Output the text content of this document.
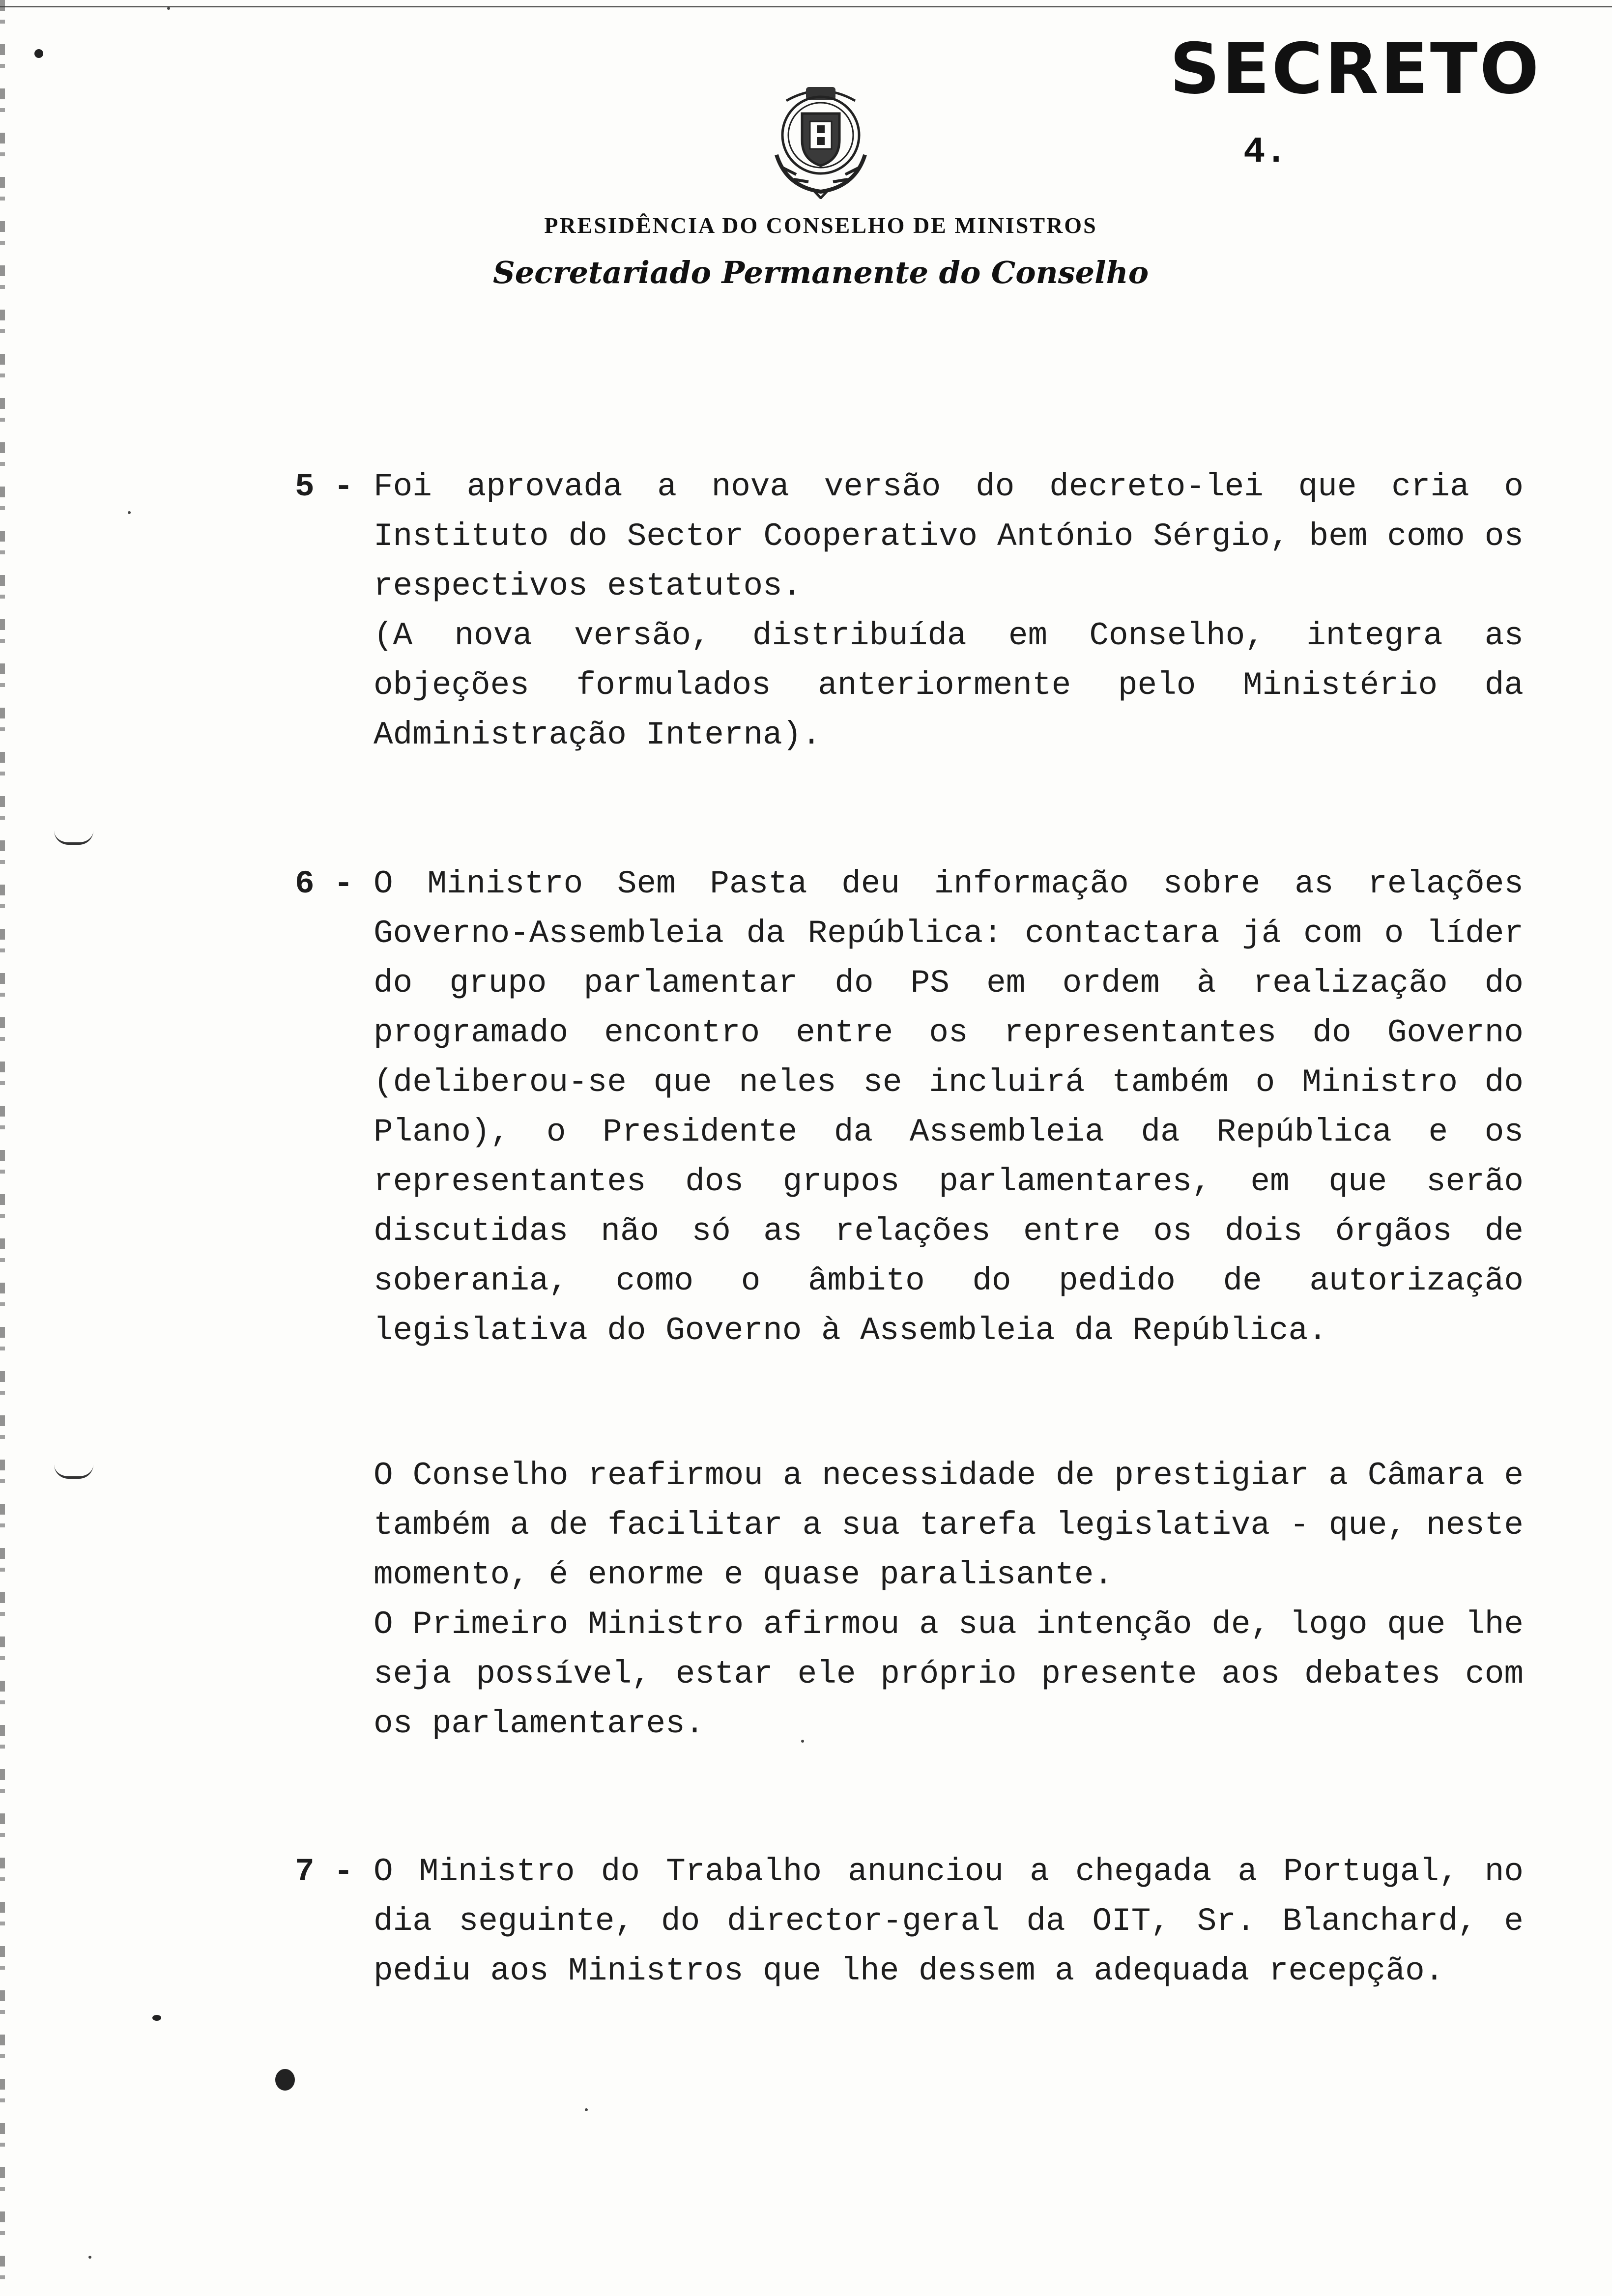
SECRETO
4.
PRESIDÊNCIA DO CONSELHO DE MINISTROS
Secretariado Permanente do Conselho
5 - Foi aprovada a nova versão do decreto-lei que cria o Instituto do Sector Cooperativo António Sérgio, bem como os respectivos estatutos.

(A nova versão, distribuída em Conselho, integra as objeções formulados anteriormente pelo Ministério da Administração Interna).

6 - O Ministro Sem Pasta deu informação sobre as relações Governo-Assembleia da República: contactara já com o líder do grupo parlamentar do PS em ordem à realização do programado encontro entre os representantes do Governo (deliberou-se que neles se incluirá também o Ministro do Plano), o Presidente da Assembleia da República e os representantes dos grupos parlamentares, em que serão discutidas não só as relações entre os dois órgãos de soberania, como o âmbito do pedido de autorização legislativa do Governo à Assembleia da República.

O Conselho reafirmou a necessidade de prestigiar a Câmara e também a de facilitar a sua tarefa legislativa - que, neste momento, é enorme e quase paralisante.

O Primeiro Ministro afirmou a sua intenção de, logo que lhe seja possível, estar ele próprio presente aos debates com os parlamentares.

7 - O Ministro do Trabalho anunciou a chegada a Portugal, no dia seguinte, do director-geral da OIT, Sr. Blanchard, e pediu aos Ministros que lhe dessem a adequada recepção.
